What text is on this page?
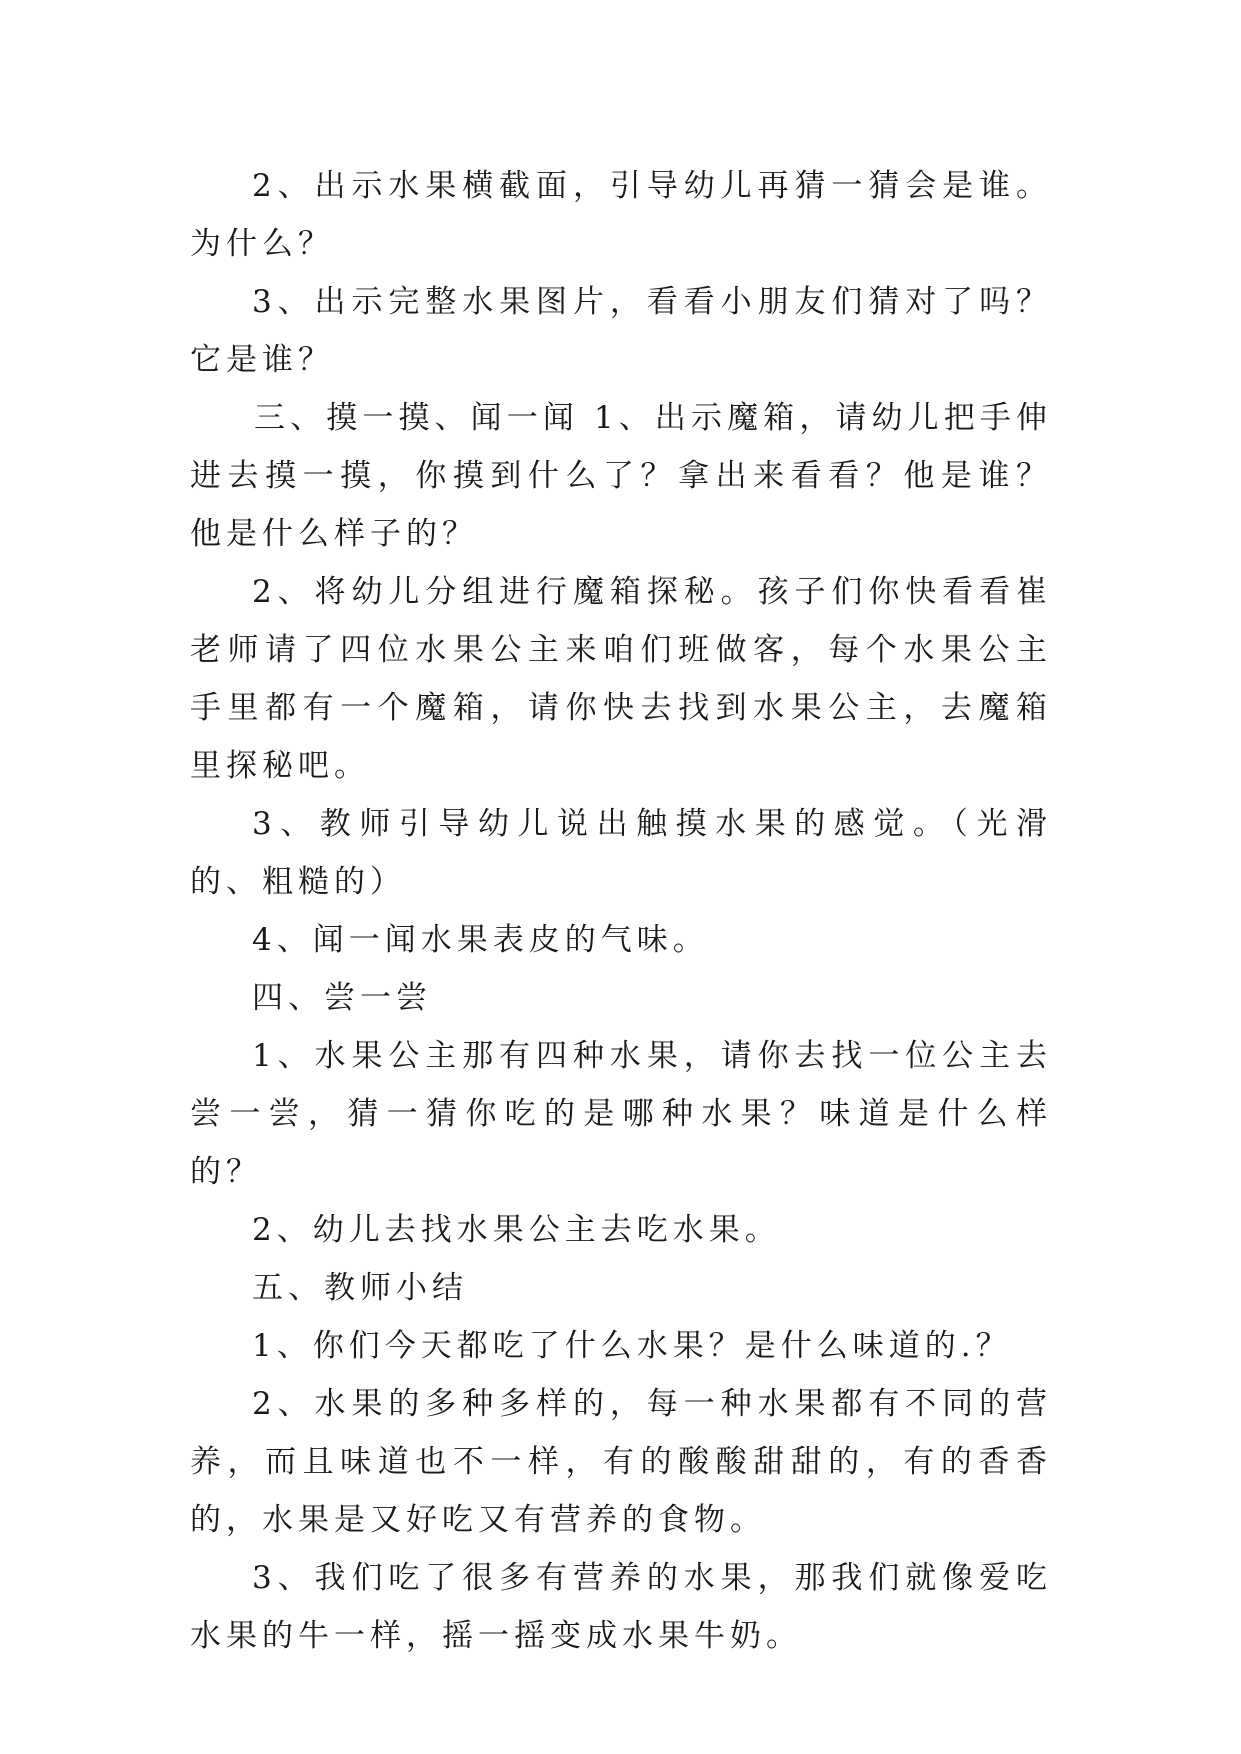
2、出示水果横截面，引导幼儿再猜一猜会是谁。为什么？

3、出示完整水果图片，看看小朋友们猜对了吗？它是谁？

三、摸一摸、闻一闻 1、出示魔箱，请幼儿把手伸进去摸一摸，你摸到什么了？拿出来看看？他是谁？他是什么样子的？

2、将幼儿分组进行魔箱探秘。孩子们你快看看崔老师请了四位水果公主来咱们班做客，每个水果公主手里都有一个魔箱，请你快去找到水果公主，去魔箱里探秘吧。

3、教师引导幼儿说出触摸水果的感觉。（光滑的、粗糙的）

4、闻一闻水果表皮的气味。

四、尝一尝

1、水果公主那有四种水果，请你去找一位公主去尝一尝，猜一猜你吃的是哪种水果？味道是什么样的？

2、幼儿去找水果公主去吃水果。

五、教师小结

1、你们今天都吃了什么水果？是什么味道的.？

2、水果的多种多样的，每一种水果都有不同的营养，而且味道也不一样，有的酸酸甜甜的，有的香香的，水果是又好吃又有营养的食物。

3、我们吃了很多有营养的水果，那我们就像爱吃水果的牛一样，摇一摇变成水果牛奶。
